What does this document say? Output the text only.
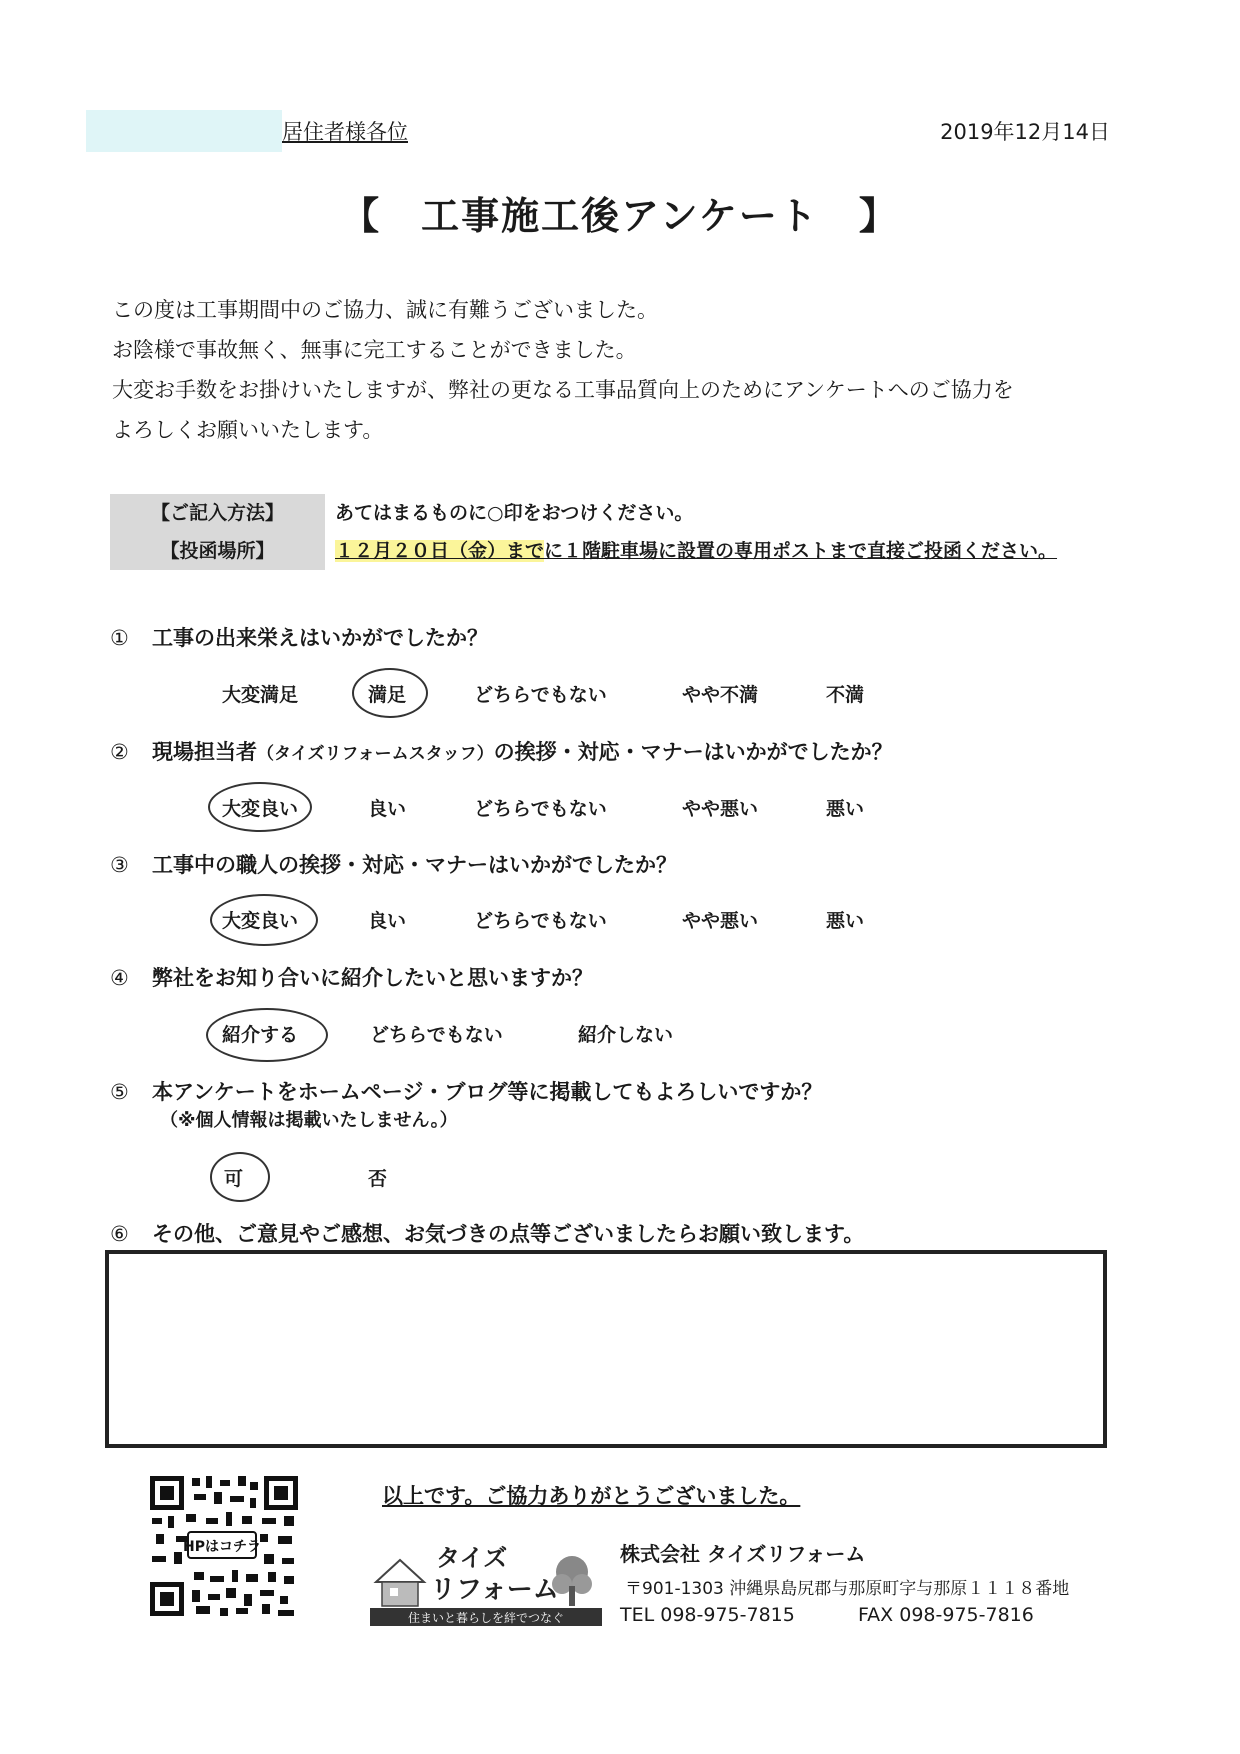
居住者様各位	2019年12月14日
【　工事施工後アンケート　】
この度は工事期間中のご協力、誠に有難うございました。
お陰様で事故無く、無事に完工することができました。
大変お手数をお掛けいたしますが、弊社の更なる工事品質向上のためにアンケートへのご協力を
よろしくお願いいたします。
【ご記入方法】	あてはまるものに○印をおつけください。
【投函場所】	１２月２０日（金）までに１階駐車場に設置の専用ポストまで直接ご投函ください。
① 工事の出来栄えはいかがでしたか？
大変満足	満足	どちらでもない	やや不満	不満
② 現場担当者（タイズリフォームスタッフ）の挨拶・対応・マナーはいかがでしたか？
大変良い	良い	どちらでもない	やや悪い	悪い
③ 工事中の職人の挨拶・対応・マナーはいかがでしたか？
大変良い	良い	どちらでもない	やや悪い	悪い
④ 弊社をお知り合いに紹介したいと思いますか？
紹介する	どちらでもない	紹介しない
⑤ 本アンケートをホームページ・ブログ等に掲載してもよろしいですか？
（※個人情報は掲載いたしません。）
可	否
⑥ その他、ご意見やご感想、お気づきの点等ございましたらお願い致します。
以上です。ご協力ありがとうございました。
HPはコチラ	タイズ
リフォーム
住まいと暮らしを絆でつなぐ
株式会社 タイズリフォーム
〒901-1303 沖縄県島尻郡与那原町字与那原１１１８番地
TEL 098-975-7815	FAX 098-975-7816
